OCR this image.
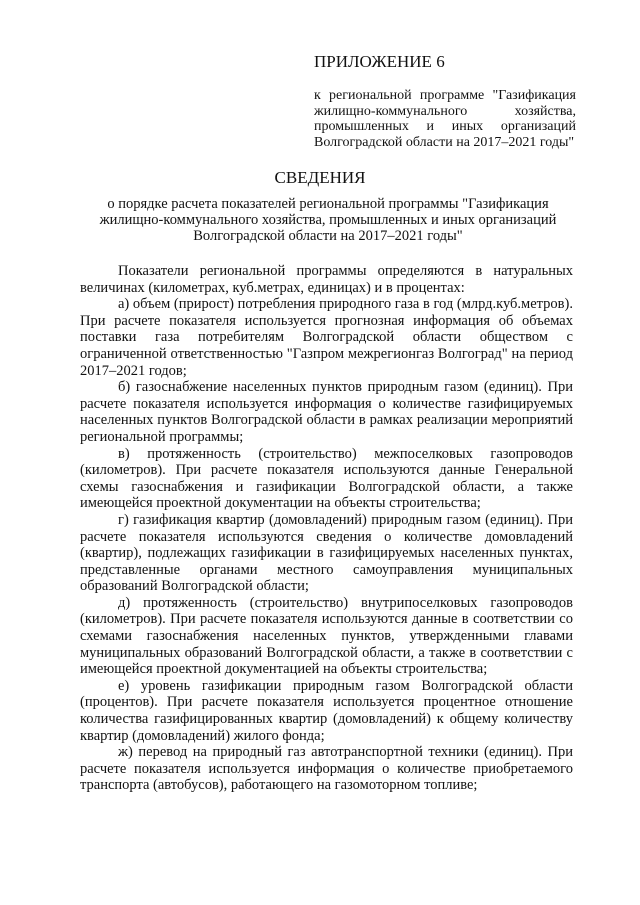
ПРИЛОЖЕНИЕ 6
к региональной программе "Газификация жилищно-коммунального хозяйства, промышленных и иных организаций Волгоградской области на 2017–2021 годы"
СВЕДЕНИЯ
о порядке расчета показателей региональной программы "Газификация жилищно-коммунального хозяйства, промышленных и иных организаций Волгоградской области на 2017–2021 годы"

Показатели региональной программы определяются в натуральных величинах (километрах, куб.метрах, единицах) и в процентах:

а) объем (прирост) потребления природного газа в год (млрд.куб.метров). При расчете показателя используется прогнозная информация об объемах поставки газа потребителям Волгоградской области обществом с ограниченной ответственностью "Газпром межрегионгаз Волгоград" на период 2017–2021 годов;

б) газоснабжение населенных пунктов природным газом (единиц). При расчете показателя используется информация о количестве газифицируемых населенных пунктов Волгоградской области в рамках реализации мероприятий региональной программы;

в) протяженность (строительство) межпоселковых газопроводов (километров). При расчете показателя используются данные Генеральной схемы газоснабжения и газификации Волгоградской области, а также имеющейся проектной документации на объекты строительства;

г) газификация квартир (домовладений) природным газом (единиц). При расчете показателя используются сведения о количестве домовладений (квартир), подлежащих газификации в газифицируемых населенных пунктах, представленные органами местного самоуправления муниципальных образований Волгоградской области;

д) протяженность (строительство) внутрипоселковых газопроводов (километров). При расчете показателя используются данные в соответствии со схемами газоснабжения населенных пунктов, утвержденными главами муниципальных образований Волгоградской области, а также в соответствии с имеющейся проектной документацией на объекты строительства;

е) уровень газификации природным газом Волгоградской области (процентов). При расчете показателя используется процентное отношение количества газифицированных квартир (домовладений) к общему количеству квартир (домовладений) жилого фонда;

ж) перевод на природный газ автотранспортной техники (единиц). При расчете показателя используется информация о количестве приобретаемого транспорта (автобусов), работающего на газомоторном топливе;
